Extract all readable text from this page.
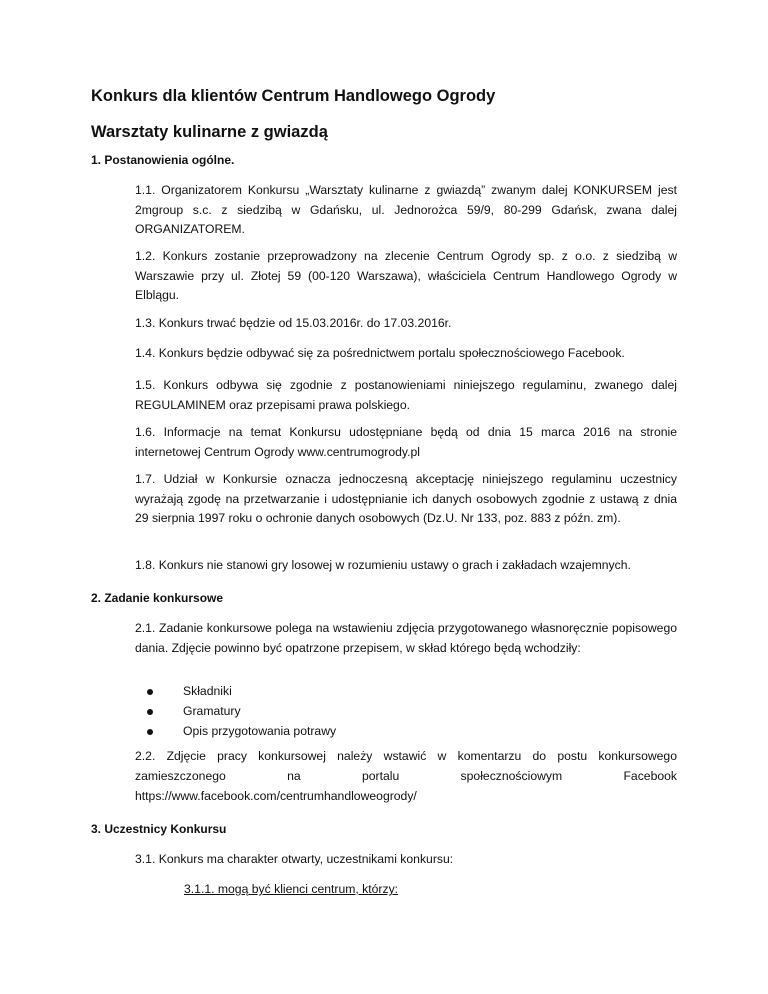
Konkurs dla klientów Centrum Handlowego Ogrody
Warsztaty kulinarne z gwiazdą
1. Postanowienia ogólne.
1.1. Organizatorem Konkursu „Warsztaty kulinarne z gwiazdą” zwanym dalej KONKURSEM jest 2mgroup s.c. z siedzibą w Gdańsku, ul. Jednorożca 59/9, 80-299 Gdańsk, zwana dalej ORGANIZATOREM.
1.2. Konkurs zostanie przeprowadzony na zlecenie Centrum Ogrody sp. z o.o. z siedzibą w Warszawie przy ul. Złotej 59 (00-120 Warszawa), właściciela Centrum Handlowego Ogrody w Elblągu.
1.3. Konkurs trwać będzie od 15.03.2016r. do 17.03.2016r.
1.4. Konkurs będzie odbywać się za pośrednictwem portalu społecznościowego Facebook.
1.5. Konkurs odbywa się zgodnie z postanowieniami niniejszego regulaminu, zwanego dalej REGULAMINEM oraz przepisami prawa polskiego.
1.6. Informacje na temat Konkursu udostępniane będą od dnia 15 marca 2016 na stronie internetowej Centrum Ogrody www.centrumogrody.pl
1.7. Udział w Konkursie oznacza jednoczesną akceptację niniejszego regulaminu uczestnicy wyrażają zgodę na przetwarzanie i udostępnianie ich danych osobowych zgodnie z ustawą z dnia 29 sierpnia 1997 roku o ochronie danych osobowych (Dz.U. Nr 133, poz. 883 z późn. zm).
1.8. Konkurs nie stanowi gry losowej w rozumieniu ustawy o grach i zakładach wzajemnych.
2. Zadanie konkursowe
2.1. Zadanie konkursowe polega na wstawieniu zdjęcia przygotowanego własnoręcznie popisowego dania. Zdjęcie powinno być opatrzone przepisem, w skład którego będą wchodziły:
Składniki
Gramatury
Opis przygotowania potrawy
2.2. Zdjęcie pracy konkursowej należy wstawić w komentarzu do postu konkursowego
zamieszczonego na portalu społecznościowym Facebook
https://www.facebook.com/centrumhandloweogrody/
3. Uczestnicy Konkursu
3.1. Konkurs ma charakter otwarty, uczestnikami konkursu:
3.1.1. mogą być klienci centrum, którzy:
